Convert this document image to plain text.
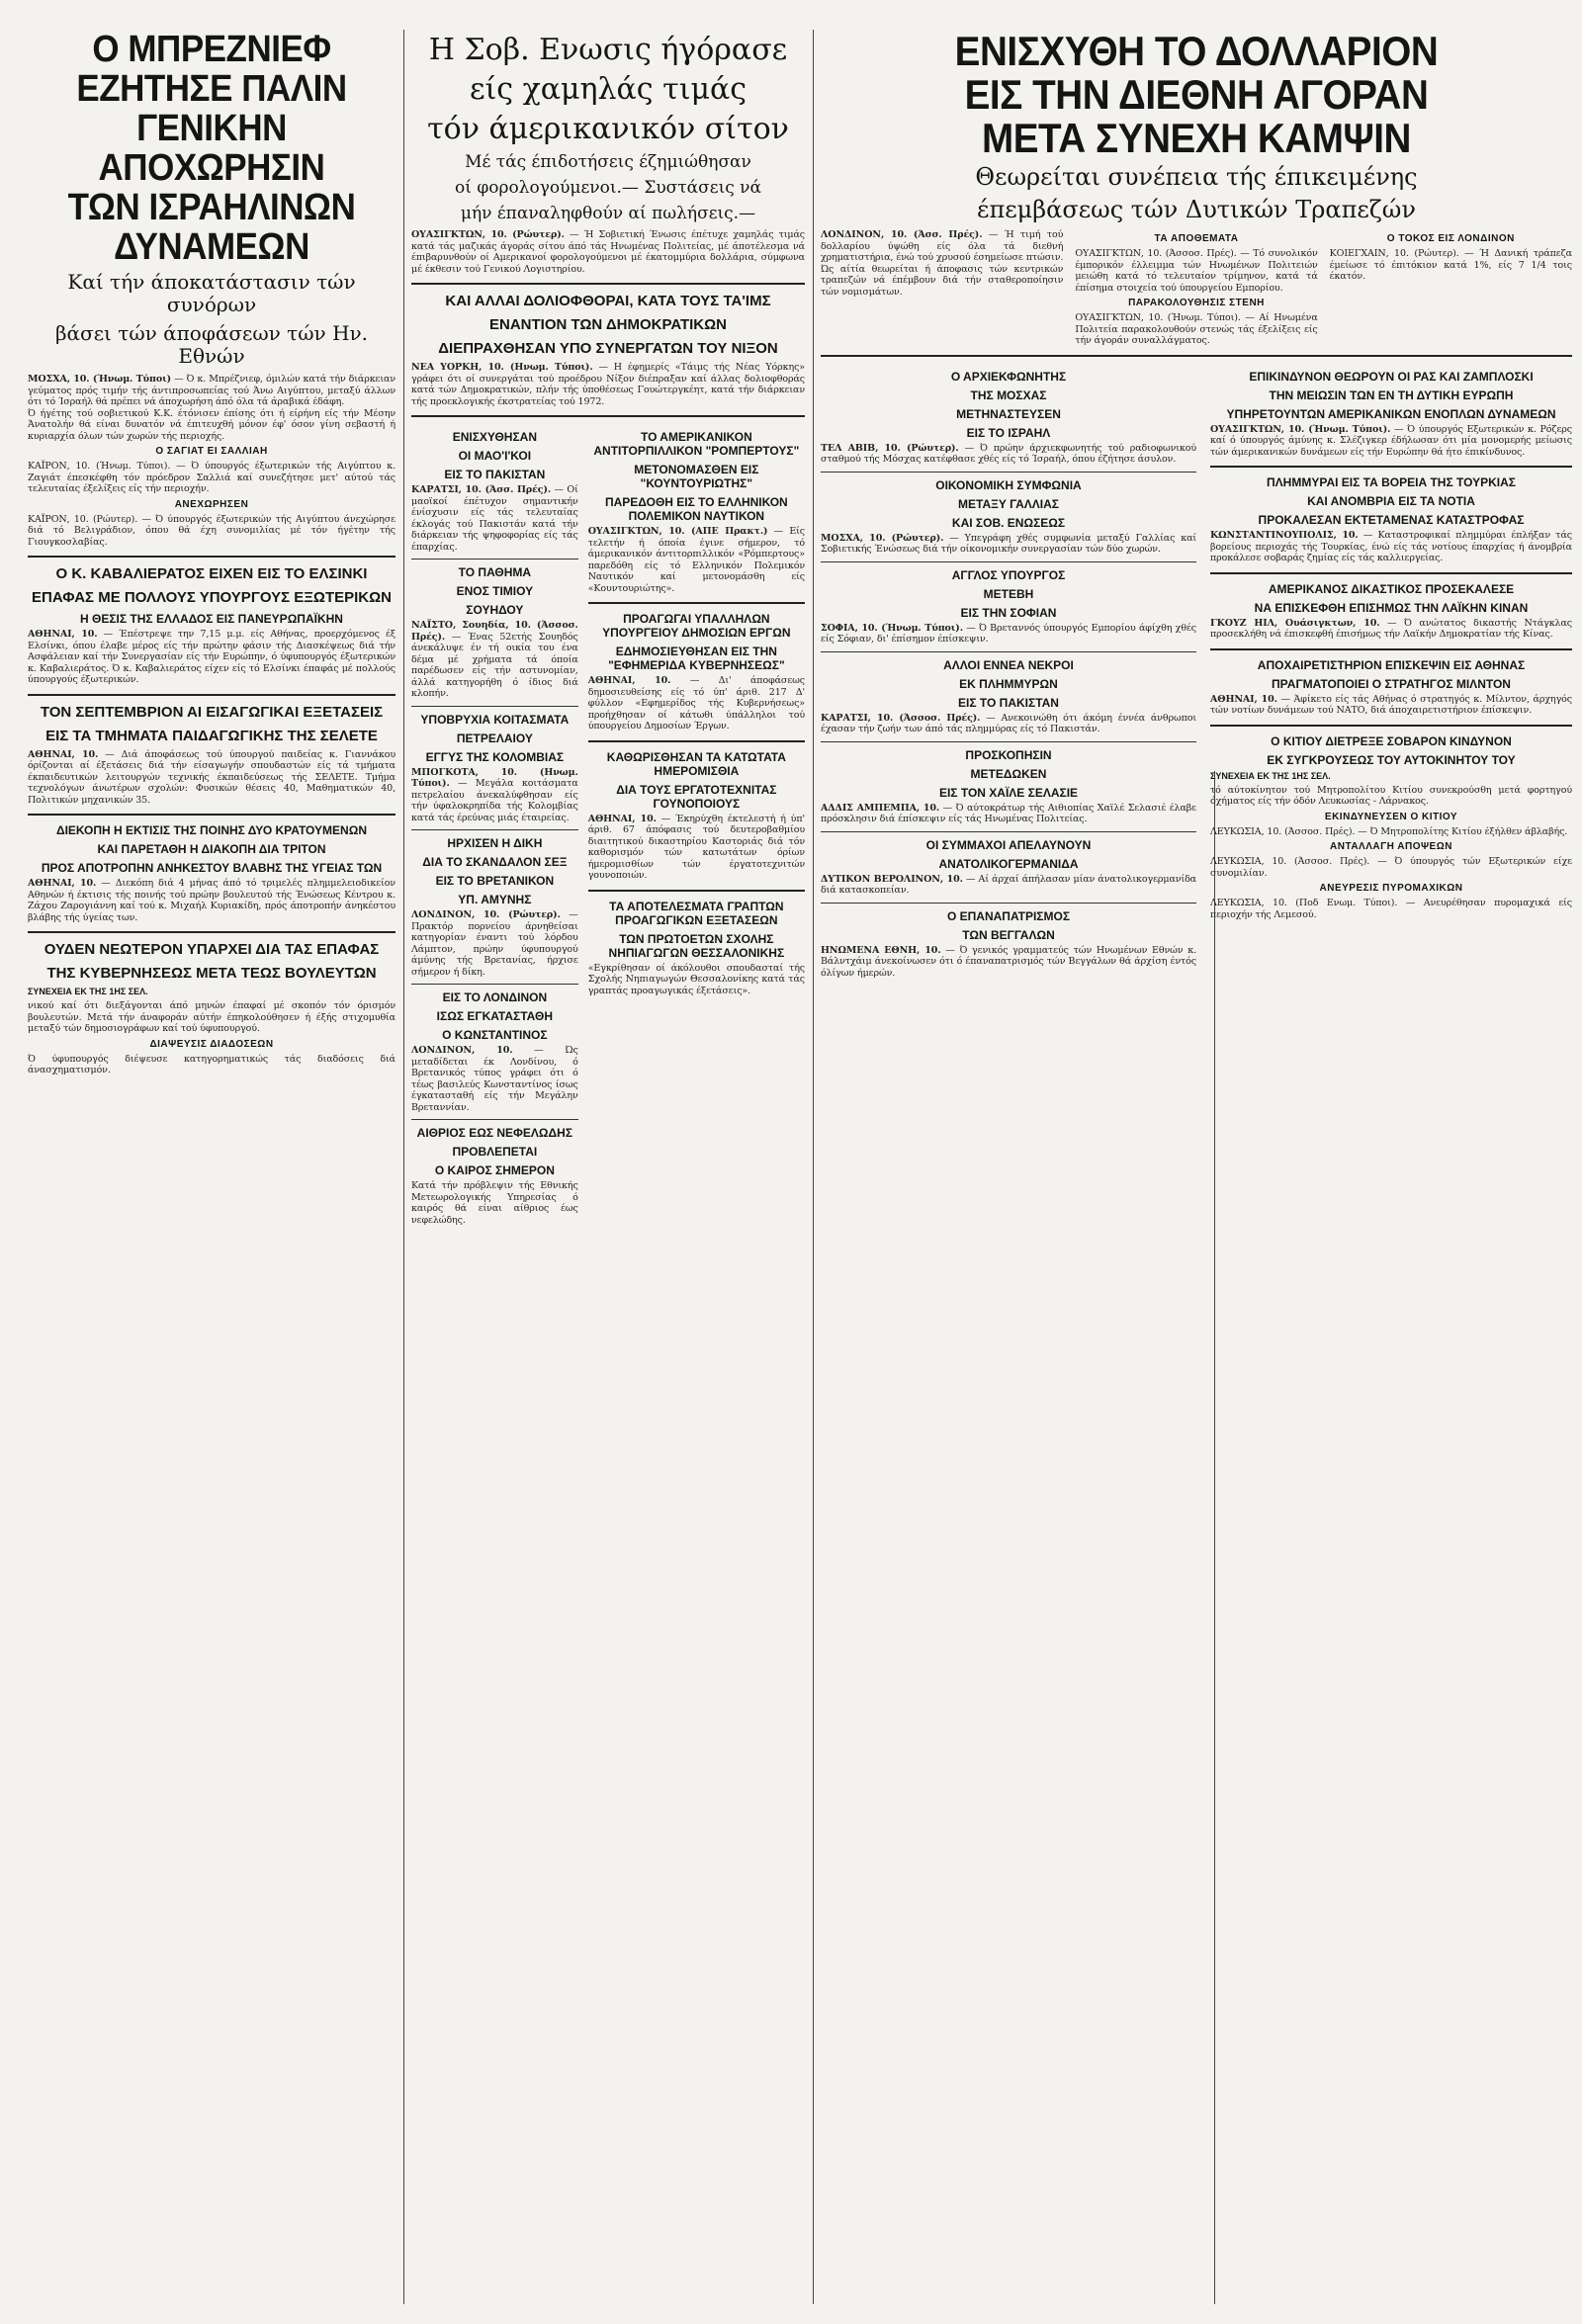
Ο ΜΠΡΕΖΝΙΕΦ ΕΖΗΤΗΣΕ ΠΑΛΙΝ
ΓΕΝΙΚΗΝ ΑΠΟΧΩΡΗΣΙΝ
ΤΩΝ ΙΣΡΑΗΛΙΝΩΝ ΔΥΝΑΜΕΩΝ
Καί τήν άποκατάστασιν τών συνόρων
βάσει τών άποφάσεων τών Ην. Εθνών

ΜΟΣΧΑ, 10. (Ήνωμ. Τύποι) — Ό κ. Μπρέζνιεφ, όμιλών κατά τήν διάρκειαν γεύματος πρός τιμήν τής άντιπροσωπείας τού Άνω Αιγύπτου, μεταξύ άλλων ότι τό Ίσραήλ θά πρέπει νά άποχωρήση άπό όλα τά άραβικά έδάφη.

Ό ήγέτης τού σοβιετικού Κ.Κ. έτόνισεν έπίσης ότι ή είρήνη είς τήν Μέσην Άνατολήν θά είναι δυνατόν νά έπιτευχθή μόνον έφ' όσον γίνη σεβαστή ή κυριαρχία όλων τών χωρών τής περιοχής.

Ο ΣΑΓΙΑΤ ΕΙ ΣΑΛΛΙΑΗ

ΚΑΪΡΟΝ, 10. (Ήνωμ. Τύποι). — Ό ύπουργός έξωτερικών τής Αιγύπτου κ. Ζαγιάτ έπεσκέφθη τόν πρόεδρον Σαλλιά καί συνεζήτησε μετ' αύτού τάς τελευταίας έξελίξεις είς τήν περιοχήν.

ΑΝΕΧΩΡΗΣΕΝ

ΚΑΪΡΟΝ, 10. (Ρώυτερ). — Ό ύπουργός έξωτερικών τής Αιγύπτου άνεχώρησε διά τό Βελιγράδιον, όπου θά έχη συνομιλίας μέ τόν ήγέτην τής Γιουγκοσλαβίας.

Ο Κ. ΚΑΒΑΛΙΕΡΑΤΟΣ ΕΙΧΕΝ ΕΙΣ ΤΟ ΕΛΣΙΝΚΙ
ΕΠΑΦΑΣ ΜΕ ΠΟΛΛΟΥΣ ΥΠΟΥΡΓΟΥΣ ΕΞΩΤΕΡΙΚΩΝ
Η ΘΕΣΙΣ ΤΗΣ ΕΛΛΑΔΟΣ ΕΙΣ ΠΑΝΕΥΡΩΠΑΪΚΗΝ

ΑΘΗΝΑΙ, 10. — Έπέστρεψε την 7,15 μ.μ. είς Αθήνας, προερχόμενος έξ Ελσίνκι, όπου έλαβε μέρος είς τήν πρώτην φάσιν τής Διασκέψεως διά τήν Ασφάλειαν καί τήν Συνεργασίαν είς τήν Ευρώπην, ό ύφυπουργός έξωτερικών κ. Καβαλιεράτος. Ό κ. Καβαλιεράτος είχεν είς τό Ελσίνκι έπαφάς μέ πολλούς ύπουργούς έξωτερικών.

ΤΟΝ ΣΕΠΤΕΜΒΡΙΟΝ ΑΙ ΕΙΣΑΓΩΓΙΚΑΙ ΕΞΕΤΑΣΕΙΣ
ΕΙΣ ΤΑ ΤΜΗΜΑΤΑ ΠΑΙΔΑΓΩΓΙΚΗΣ ΤΗΣ ΣΕΛΕΤΕ

ΑΘΗΝΑΙ, 10. — Διά άποφάσεως τού ύπουργού παιδείας κ. Γιαννάκου όρίζονται αί έξετάσεις διά τήν είσαγωγήν σπουδαστών είς τά τμήματα έκπαιδευτικών λειτουργών τεχνικής έκπαιδεύσεως τής ΣΕΛΕΤΕ. Τμήμα τεχνολόγων άνωτέρων σχολών: Φυσικών θέσεις 40, Μαθηματικών 40, Πολιτικών μηχανικών 35.

ΔΙΕΚΟΠΗ Η ΕΚΤΙΣΙΣ ΤΗΣ ΠΟΙΝΗΣ ΔΥΟ ΚΡΑΤΟΥΜΕΝΩΝ
ΚΑΙ ΠΑΡΕΤΑΘΗ Η ΔΙΑΚΟΠΗ ΔΙΑ ΤΡΙΤΟΝ
ΠΡΟΣ ΑΠΟΤΡΟΠΗΝ ΑΝΗΚΕΣΤΟΥ ΒΛΑΒΗΣ ΤΗΣ ΥΓΕΙΑΣ ΤΩΝ

ΑΘΗΝΑΙ, 10. — Διεκόπη διά 4 μήνας άπό τό τριμελές πλημμελειοδικείον Αθηνών ή έκτισις τής ποινής τού πρώην βουλευτού τής Ένώσεως Κέντρου κ. Ζάχου Ζαρογιάννη καί τού κ. Μιχαήλ Κυριακίδη, πρός άποτροπήν άνηκέστου βλάβης τής ύγείας των.

ΟΥΔΕΝ ΝΕΩΤΕΡΟΝ ΥΠΑΡΧΕΙ ΔΙΑ ΤΑΣ ΕΠΑΦΑΣ
ΤΗΣ ΚΥΒΕΡΝΗΣΕΩΣ ΜΕΤΑ ΤΕΩΣ ΒΟΥΛΕΥΤΩΝ
ΣΥΝΕΧΕΙΑ ΕΚ ΤΗΣ 1ΗΣ ΣΕΛ.

νικού καί ότι διεξάγονται άπό μηνών έπαφαί μέ σκοπόν τόν όρισμόν βουλευτών. Μετά τήν άναφοράν αύτήν έπηκολούθησεν ή έξής στιχομυθία μεταξύ τών δημοσιογράφων καί τού ύφυπουργού.

ΔΙΑΨΕΥΣΙΣ ΔΙΑΔΟΣΕΩΝ

Ό ύφυπουργός διέψευσε κατηγορηματικώς τάς διαδόσεις διά άνασχηματισμόν.

Η Σοβ. Ενωσις ήγόρασε
είς χαμηλάς τιμάς
τόν άμερικανικόν σίτον
Μέ τάς έπιδοτήσεις έζημιώθησαν
οί φορολογούμενοι.— Συστάσεις νά
μήν έπαναληφθούν αί πωλήσεις.—

ΟΥΑΣΙΓΚΤΩΝ, 10. (Ρώυτερ). — Ή Σοβιετική Ένωσις έπέτυχε χαμηλάς τιμάς κατά τάς μαζικάς άγοράς σίτου άπό τάς Ηνωμένας Πολιτείας, μέ άποτέλεσμα νά έπιβαρυνθούν οί Αμερικανοί φορολογούμενοι μέ έκατομμύρια δολλάρια, σύμφωνα μέ έκθεσιν τού Γενικού Λογιστηρίου.

ΚΑΙ ΑΛΛΑΙ ΔΟΛΙΟΦΘΟΡΑΙ, ΚΑΤΑ ΤΟΥΣ ΤΑ'ΙΜΣ
ΕΝΑΝΤΙΟΝ ΤΩΝ ΔΗΜΟΚΡΑΤΙΚΩΝ
ΔΙΕΠΡΑΧΘΗΣΑΝ ΥΠΟ ΣΥΝΕΡΓΑΤΩΝ ΤΟΥ ΝΙΞΟΝ

ΝΕΑ ΥΟΡΚΗ, 10. (Ηνωμ. Τύποι). — Η έφημερίς «Τάιμς τής Νέας Υόρκης» γράφει ότι οί συνεργάται τού προέδρου Νίξον διέπραξαν καί άλλας δολιοφθοράς κατά τών Δημοκρατικών, πλήν τής ύποθέσεως Γουώτεργκέητ, κατά τήν διάρκειαν τής προεκλογικής έκστρατείας τού 1972.

ΕΝΙΣΧΥΘΗΣΑΝ
ΟΙ ΜΑΟ'Ι'ΚΟΙ
ΕΙΣ ΤΟ ΠΑΚΙΣΤΑΝ

ΚΑΡΑΤΣΙ, 10. (Άσσ. Πρές). — Οί μαοϊκοί έπέτυχον σημαντικήν ένίσχυσιν είς τάς τελευταίας έκλογάς τού Πακιστάν κατά τήν διάρκειαν τής ψηφοφορίας είς τάς έπαρχίας.

ΤΟ ΠΑΘΗΜΑ
ΕΝΟΣ ΤΙΜΙΟΥ
ΣΟΥΗΔΟΥ

ΝΑΪΣΤΟ, Σουηδία, 10. (Άσσοσ. Πρές). — Ένας 52ετής Σουηδός άνεκάλυψε έν τή οικία του ένα δέμα μέ χρήματα τά όποία παρέδωσεν είς τήν αστυνομίαν, άλλά κατηγορήθη ό ίδιος διά κλοπήν.

ΥΠΟΒΡΥΧΙΑ ΚΟΙΤΑΣΜΑΤΑ
ΠΕΤΡΕΛΑΙΟΥ
ΕΓΓΥΣ ΤΗΣ ΚΟΛΟΜΒΙΑΣ

ΜΠΟΓΚΟΤΑ, 10. (Ηνωμ. Τύποι). — Μεγάλα κοιτάσματα πετρελαίου άνεκαλύφθησαν είς τήν ύφαλοκρηπίδα τής Κολομβίας κατά τάς έρεύνας μιάς έταιρείας.

ΗΡΧΙΣΕΝ Η ΔΙΚΗ
ΔΙΑ ΤΟ ΣΚΑΝΔΑΛΟΝ ΣΕΞ
ΕΙΣ ΤΟ ΒΡΕΤΑΝΙΚΟΝ
ΥΠ. ΑΜΥΝΗΣ

ΛΟΝΔΙΝΟΝ, 10. (Ρώυτερ). — Πρακτόρ πορνείου άρνηθείσαι κατηγορίαν έναντι τού λόρδου Λάμπτον, πρώην ύφυπουργού άμύνης τής Βρετανίας, ήρχισε σήμερον ή δίκη.

ΕΙΣ ΤΟ ΛΟΝΔΙΝΟΝ
ΙΣΩΣ ΕΓΚΑΤΑΣΤΑΘΗ
Ο ΚΩΝΣΤΑΝΤΙΝΟΣ

ΛΟΝΔΙΝΟΝ, 10. — Ώς μεταδίδεται έκ Λονδίνου, ό Βρετανικός τύπος γράφει ότι ό τέως βασιλεύς Κωνσταντίνος ίσως έγκατασταθή είς τήν Μεγάλην Βρεταννίαν.

ΑΙΘΡΙΟΣ ΕΩΣ ΝΕΦΕΛΩΔΗΣ
ΠΡΟΒΛΕΠΕΤΑΙ
Ο ΚΑΙΡΟΣ ΣΗΜΕΡΟΝ

Κατά τήν πρόβλεψιν τής Εθνικής Μετεωρολογικής Υπηρεσίας ό καιρός θά είναι αίθριος έως νεφελώδης.

ΤΟ ΑΜΕΡΙΚΑΝΙΚΟΝ ΑΝΤΙΤΟΡΠΙΛΛΙΚΟΝ "ΡΟΜΠΕΡΤΟΥΣ"
ΜΕΤΟΝΟΜΑΣΘΕΝ ΕΙΣ "ΚΟΥΝΤΟΥΡΙΩΤΗΣ"
ΠΑΡΕΔΟΘΗ ΕΙΣ ΤΟ ΕΛΛΗΝΙΚΟΝ ΠΟΛΕΜΙΚΟΝ ΝΑΥΤΙΚΟΝ

ΟΥΑΣΙΓΚΤΩΝ, 10. (ΑΠΕ Πρακτ.) — Είς τελετήν ή όποία έγινε σήμερον, τό άμερικανικόν άντιτορπιλλικόν «Ρόμπερτους» παρεδόθη είς τό Ελληνικόν Πολεμικόν Ναυτικόν καί μετονομάσθη είς «Κουντουριώτης».

ΠΡΟΑΓΩΓΑΙ ΥΠΑΛΛΗΛΩΝ ΥΠΟΥΡΓΕΙΟΥ ΔΗΜΟΣΙΩΝ ΕΡΓΩΝ
ΕΔΗΜΟΣΙΕΥΘΗΣΑΝ ΕΙΣ ΤΗΝ "ΕΦΗΜΕΡΙΔΑ ΚΥΒΕΡΝΗΣΕΩΣ"

ΑΘΗΝΑΙ, 10. — Δι' άποφάσεως δημοσιευθείσης είς τό ύπ' άριθ. 217 Δ' φύλλον «Εφημερίδος τής Κυβερνήσεως» προήχθησαν οί κάτωθι ύπάλληλοι τού ύπουργείου Δημοσίων Έργων.

ΚΑΘΩΡΙΣΘΗΣΑΝ ΤΑ ΚΑΤΩΤΑΤΑ ΗΜΕΡΟΜΙΣΘΙΑ
ΔΙΑ ΤΟΥΣ ΕΡΓΑΤΟΤΕΧΝΙΤΑΣ ΓΟΥΝΟΠΟΙΟΥΣ

ΑΘΗΝΑΙ, 10. — Έκηρύχθη έκτελεστή ή ύπ' άριθ. 67 άπόφασις τού δευτεροβαθμίου διαιτητικού δικαστηρίου Καστοριάς διά τόν καθορισμόν τών κατωτάτων όρίων ήμερομισθίων τών έργατοτεχνιτών γουνοποιών.

ΤΑ ΑΠΟΤΕΛΕΣΜΑΤΑ ΓΡΑΠΤΩΝ ΠΡΟΑΓΩΓΙΚΩΝ ΕΞΕΤΑΣΕΩΝ
ΤΩΝ ΠΡΩΤΟΕΤΩΝ ΣΧΟΛΗΣ ΝΗΠΙΑΓΩΓΩΝ ΘΕΣΣΑΛΟΝΙΚΗΣ

«Εγκρίθησαν οί άκόλουθοι σπουδασταί τής Σχολής Νηπιαγωγών Θεσσαλονίκης κατά τάς γραπτάς προαγωγικάς έξετάσεις».

ΕΝΙΣΧΥΘΗ ΤΟ ΔΟΛΛΑΡΙΟΝ
ΕΙΣ ΤΗΝ ΔΙΕΘΝΗ ΑΓΟΡΑΝ
ΜΕΤΑ ΣΥΝΕΧΗ ΚΑΜΨΙΝ
Θεωρείται συνέπεια τής έπικειμένης
έπεμβάσεως τών Δυτικών Τραπεζών

ΛΟΝΔΙΝΟΝ, 10. (Άσσ. Πρές). — Ή τιμή τού δολλαρίου ύψώθη είς όλα τά διεθνή χρηματιστήρια, ένώ τού χρυσού έσημείωσε πτώσιν. Ώς αίτία θεωρείται ή άποφασις τών κεντρικών τραπεζών νά έπέμβουν διά τήν σταθεροποίησιν τών νομισμάτων.

ΤΑ ΑΠΟΘΕΜΑΤΑ

ΟΥΑΣΙΓΚΤΩΝ, 10. (Άσσοσ. Πρές). — Τό συνολικόν έμπορικόν έλλειμμα τών Ηνωμένων Πολιτειών μειώθη κατά τό τελευταίον τρίμηνον, κατά τά έπίσημα στοιχεία τού ύπουργείου Εμπορίου.

ΠΑΡΑΚΟΛΟΥΘΗΣΙΣ ΣΤΕΝΗ

ΟΥΑΣΙΓΚΤΩΝ, 10. (Ήνωμ. Τύποι). — Αί Ηνωμένα Πολιτεία παρακολουθούν στενώς τάς έξελίξεις είς τήν άγοράν συναλλάγματος.

Ο ΤΟΚΟΣ ΕΙΣ ΛΟΝΔΙΝΟΝ

ΚΟΙΕΓΧΑΙΝ, 10. (Ρώυτερ). — Ή Δανική τράπεζα έμείωσε τό έπιτόκιον κατά 1%, είς 7 1/4 τοις έκατόν.

Ο ΑΡΧΙΕΚΦΩΝΗΤΗΣ
ΤΗΣ ΜΟΣΧΑΣ
ΜΕΤΗΝΑΣΤΕΥΣΕΝ
ΕΙΣ ΤΟ ΙΣΡΑΗΛ

ΤΕΛ ΑΒΙΒ, 10. (Ρώυτερ). — Ό πρώην άρχιεκφωνητής τού ραδιοφωνικού σταθμού τής Μόσχας κατέφθασε χθές είς τό Ίσραήλ, όπου έζήτησε άσυλον.

ΟΙΚΟΝΟΜΙΚΗ ΣΥΜΦΩΝΙΑ
ΜΕΤΑΞΥ ΓΑΛΛΙΑΣ
ΚΑΙ ΣΟΒ. ΕΝΩΣΕΩΣ

ΜΟΣΧΑ, 10. (Ρώυτερ). — Υπεγράφη χθές συμφωνία μεταξύ Γαλλίας καί Σοβιετικής Ένώσεως διά τήν οίκονομικήν συνεργασίαν τών δύο χωρών.

ΑΓΓΛΟΣ ΥΠΟΥΡΓΟΣ
ΜΕΤΕΒΗ
ΕΙΣ ΤΗΝ ΣΟΦΙΑΝ

ΣΟΦΙΑ, 10. (Ήνωμ. Τύποι). — Ό Βρεταννός ύπουργός Εμπορίου άφίχθη χθές είς Σόφιαν, δι' έπίσημον έπίσκεψιν.

ΑΛΛΟΙ ΕΝΝΕΑ ΝΕΚΡΟΙ
ΕΚ ΠΛΗΜΜΥΡΩΝ
ΕΙΣ ΤΟ ΠΑΚΙΣΤΑΝ

ΚΑΡΑΤΣΙ, 10. (Άσσοσ. Πρές). — Ανεκοινώθη ότι άκόμη έννέα άνθρωποι έχασαν τήν ζωήν των άπό τάς πλημμύρας είς τό Πακιστάν.

ΠΡΟΣΚΟΠΗΣΙΝ
ΜΕΤΕΔΩΚΕΝ
ΕΙΣ ΤΟΝ ΧΑΪΛΕ ΣΕΛΑΣΙΕ

ΑΔΔΙΣ ΑΜΠΕΜΠΑ, 10. — Ό αύτοκράτωρ τής Αιθιοπίας Χαϊλέ Σελασιέ έλαβε πρόσκλησιν διά έπίσκεψιν είς τάς Ηνωμένας Πολιτείας.

ΟΙ ΣΥΜΜΑΧΟΙ ΑΠΕΛΑΥΝΟΥΝ
ΑΝΑΤΟΛΙΚΟΓΕΡΜΑΝΙΔΑ

ΔΥΤΙΚΟΝ ΒΕΡΟΛΙΝΟΝ, 10. — Αί άρχαί άπήλασαν μίαν άνατολικογερμανίδα διά κατασκοπείαν.

Ο ΕΠΑΝΑΠΑΤΡΙΣΜΟΣ
ΤΩΝ ΒΕΓΓΑΛΩΝ

ΗΝΩΜΕΝΑ ΕΘΝΗ, 10. — Ό γενικός γραμματεύς τών Ηνωμένων Εθνών κ. Βάλντχάιμ άνεκοίνωσεν ότι ό έπαναπατρισμός τών Βεγγάλων θά άρχίση έντός όλίγων ήμερών.

ΕΠΙΚΙΝΔΥΝΟΝ ΘΕΩΡΟΥΝ ΟΙ ΡΑΣ ΚΑΙ ΖΑΜΠΛΟΣΚΙ
ΤΗΝ ΜΕΙΩΣΙΝ ΤΩΝ ΕΝ ΤΗ ΔΥΤΙΚΗ ΕΥΡΩΠΗ
ΥΠΗΡΕΤΟΥΝΤΩΝ ΑΜΕΡΙΚΑΝΙΚΩΝ ΕΝΟΠΛΩΝ ΔΥΝΑΜΕΩΝ

ΟΥΑΣΙΓΚΤΩΝ, 10. (Ήνωμ. Τύποι). — Ό ύπουργός Εξωτερικών κ. Ρόζερς καί ό ύπουργός άμύνης κ. Σλέζιγκερ έδήλωσαν ότι μία μονομερής μείωσις τών άμερικανικών δυνάμεων είς τήν Ευρώπην θά ήτο έπικίνδυνος.

ΠΛΗΜΜΥΡΑΙ ΕΙΣ ΤΑ ΒΟΡΕΙΑ ΤΗΣ ΤΟΥΡΚΙΑΣ
ΚΑΙ ΑΝΟΜΒΡΙΑ ΕΙΣ ΤΑ ΝΟΤΙΑ
ΠΡΟΚΑΛΕΣΑΝ ΕΚΤΕΤΑΜΕΝΑΣ ΚΑΤΑΣΤΡΟΦΑΣ

ΚΩΝΣΤΑΝΤΙΝΟΥΠΟΛΙΣ, 10. — Καταστροφικαί πλημμύραι έπλήξαν τάς βορείους περιοχάς τής Τουρκίας, ένώ είς τάς νοτίους έπαρχίας ή άνομβρία προκάλεσε σοβαράς ζημίας είς τάς καλλιεργείας.

ΑΜΕΡΙΚΑΝΟΣ ΔΙΚΑΣΤΙΚΟΣ ΠΡΟΣΕΚΑΛΕΣΕ
ΝΑ ΕΠΙΣΚΕΦΘΗ ΕΠΙΣΗΜΩΣ ΤΗΝ ΛΑΪΚΗΝ ΚΙΝΑΝ

ΓΚΟΥΖ ΗΙΛ, Ουάσιγκτων, 10. — Ό ανώτατος δικαστής Ντάγκλας προσεκλήθη νά έπισκεφθή έπισήμως τήν Λαϊκήν Δημοκρατίαν τής Κίνας.

ΑΠΟΧΑΙΡΕΤΙΣΤΗΡΙΟΝ ΕΠΙΣΚΕΨΙΝ ΕΙΣ ΑΘΗΝΑΣ
ΠΡΑΓΜΑΤΟΠΟΙΕΙ Ο ΣΤΡΑΤΗΓΟΣ ΜΙΛΝΤΟΝ

ΑΘΗΝΑΙ, 10. — Άφίκετο είς τάς Αθήνας ό στρατηγός κ. Μίλντον, άρχηγός τών νοτίων δυνάμεων τού ΝΑΤΟ, διά άποχαιρετιστήριον έπίσκεψιν.

Ο ΚΙΤΙΟΥ ΔΙΕΤΡΕΞΕ ΣΟΒΑΡΟΝ ΚΙΝΔΥΝΟΝ
ΕΚ ΣΥΓΚΡΟΥΣΕΩΣ ΤΟΥ ΑΥΤΟΚΙΝΗΤΟΥ ΤΟΥ
ΣΥΝΕΧΕΙΑ ΕΚ ΤΗΣ 1ΗΣ ΣΕΛ.

τό αύτοκίνητον τού Μητροπολίτου Κιτίου συνεκρούσθη μετά φορτηγού όχήματος είς τήν όδόν Λευκωσίας - Λάρνακος.

ΕΚΙΝΔΥΝΕΥΣΕΝ Ο ΚΙΤΙΟΥ

ΛΕΥΚΩΣΙΑ, 10. (Άσσοσ. Πρές). — Ό Μητροπολίτης Κιτίου έξήλθεν άβλαβής.

ΑΝΤΑΛΛΑΓΗ ΑΠΟΨΕΩΝ

ΛΕΥΚΩΣΙΑ, 10. (Άσσοσ. Πρές). — Ό ύπουργός τών Εξωτερικών είχε συνομιλίαν.

ΑΝΕΥΡΕΣΙΣ ΠΥΡΟΜΑΧΙΚΩΝ

ΛΕΥΚΩΣΙΑ, 10. (Ποδ Ενωμ. Τύποι). — Ανευρέθησαν πυρομαχικά είς περιοχήν τής Λεμεσού.
